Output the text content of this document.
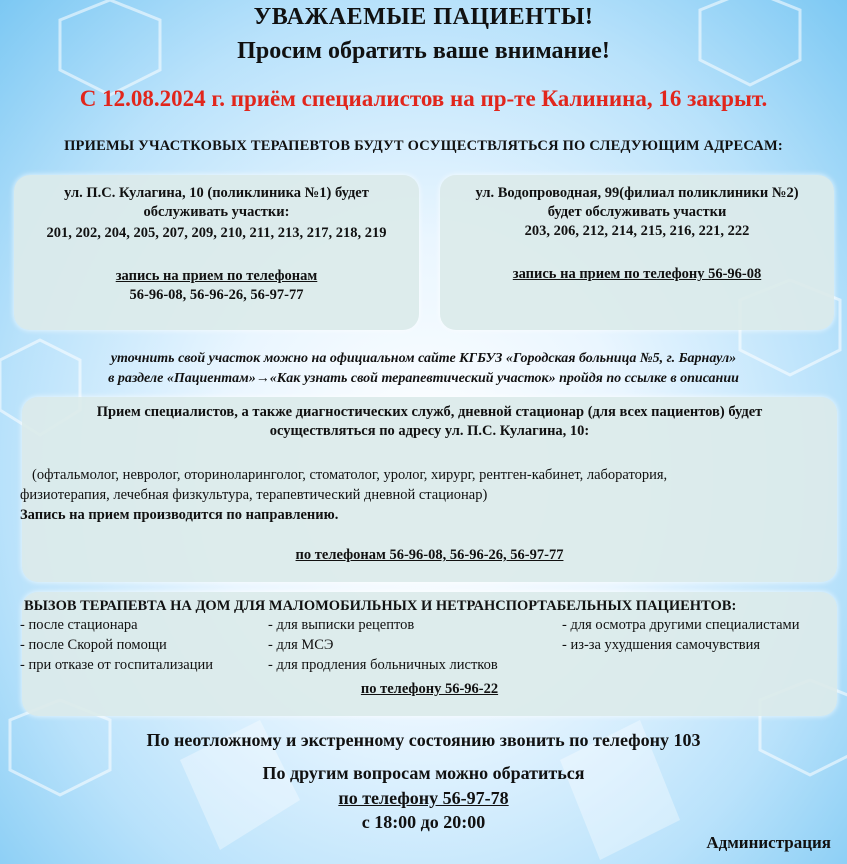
УВАЖАЕМЫЕ ПАЦИЕНТЫ!
Просим обратить ваше внимание!
С 12.08.2024 г. приём специалистов на пр-те Калинина, 16 закрыт.
ПРИЕМЫ УЧАСТКОВЫХ ТЕРАПЕВТОВ БУДУТ ОСУЩЕСТВЛЯТЬСЯ ПО СЛЕДУЮЩИМ АДРЕСАМ:
ул. П.С. Кулагина, 10 (поликлиника №1) будет
обслуживать участки:
201, 202, 204, 205, 207, 209, 210, 211, 213, 217, 218, 219
запись на прием по телефонам
56-96-08, 56-96-26, 56-97-77
ул. Водопроводная, 99(филиал поликлиники №2)
будет обслуживать участки
203, 206, 212, 214, 215, 216, 221, 222
запись на прием по телефону 56-96-08
уточнить свой участок можно на официальном сайте КГБУЗ «Городская больница №5, г. Барнаул»
в разделе «Пациентам»→«Как узнать свой терапевтический участок» пройдя по ссылке в описании
Прием специалистов, а также диагностических служб, дневной стационар (для всех пациентов) будет
осуществляться по адресу ул. П.С. Кулагина, 10:
(офтальмолог, невролог, оториноларинголог, стоматолог, уролог, хирург, рентген-кабинет, лаборатория,
физиотерапия, лечебная физкультура, терапевтический дневной стационар)
Запись на прием производится по направлению.
по телефонам 56-96-08, 56-96-26, 56-97-77
ВЫЗОВ ТЕРАПЕВТА НА ДОМ ДЛЯ МАЛОМОБИЛЬНЫХ И НЕТРАНСПОРТАБЕЛЬНЫХ ПАЦИЕНТОВ:
- после стационара
- после Скорой помощи
- при отказе от госпитализации
- для выписки рецептов
- для МСЭ
- для продления больничных листков
- для осмотра другими специалистами
- из-за ухудшения самочувствия
по телефону 56-96-22
По неотложному и экстренному состоянию звонить по телефону 103
По другим вопросам можно обратиться
по телефону 56-97-78
с 18:00 до 20:00
Администрация
